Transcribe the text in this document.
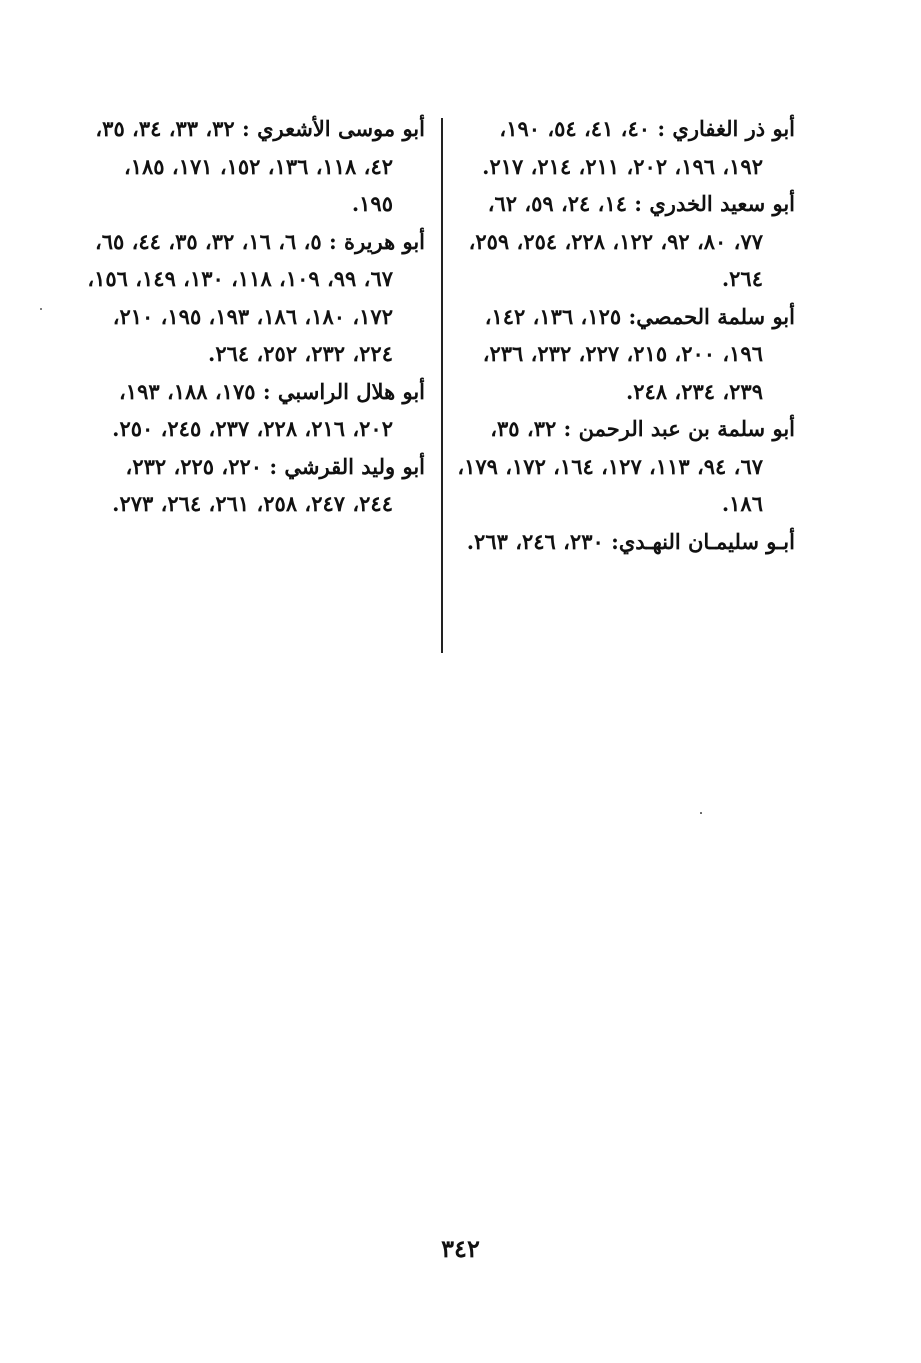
أبو ذر الغفاري : ٤٠، ٤١، ٥٤، ١٩٠، ١٩٢، ١٩٦، ٢٠٢، ٢١١، ٢١٤، ٢١٧.
أبو سعيد الخدري : ١٤، ٢٤، ٥٩، ٦٢، ٧٧، ٨٠، ٩٢، ١٢٢، ٢٢٨، ٢٥٤، ٢٥٩، ٢٦٤.
أبو سلمة الحمصي: ١٢٥، ١٣٦، ١٤٢، ١٩٦، ٢٠٠، ٢١٥، ٢٢٧، ٢٣٢، ٢٣٦، ٢٣٩، ٢٣٤، ٢٤٨.
أبو سلمة بن عبد الرحمن : ٣٢، ٣٥، ٦٧، ٩٤، ١١٣، ١٢٧، ١٦٤، ١٧٢، ١٧٩، ١٨٦.
أبـو سليمـان النهـدي: ٢٣٠، ٢٤٦، ٢٦٣.
أبو موسى الأشعري : ٣٢، ٣٣، ٣٤، ٣٥، ٤٢، ١١٨، ١٣٦، ١٥٢، ١٧١، ١٨٥، ١٩٥.
أبو هريرة : ٥، ٦، ١٦، ٣٢، ٣٥، ٤٤، ٦٥، ٦٧، ٩٩، ١٠٩، ١١٨، ١٣٠، ١٤٩، ١٥٦، ١٧٢، ١٨٠، ١٨٦، ١٩٣، ١٩٥، ٢١٠، ٢٢٤، ٢٣٢، ٢٥٢، ٢٦٤.
أبو هلال الراسبي : ١٧٥، ١٨٨، ١٩٣، ٢٠٢، ٢١٦، ٢٢٨، ٢٣٧، ٢٤٥، ٢٥٠.
أبو وليد القرشي : ٢٢٠، ٢٢٥، ٢٣٢، ٢٤٤، ٢٤٧، ٢٥٨، ٢٦١، ٢٦٤، ٢٧٣.
٣٤٢
